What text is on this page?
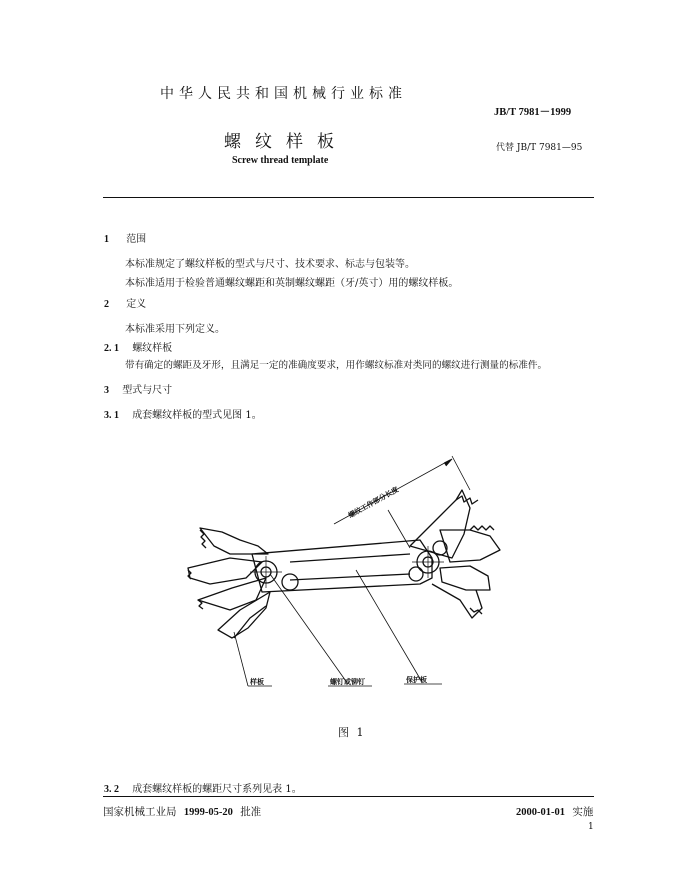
中华人民共和国机械行业标准
JB/T 7981－1999
螺纹样板	代替 JB/T 7981—95
Screw thread template
1 范围
本标准规定了螺纹样板的型式与尺寸、技术要求、标志与包装等。
本标准适用于检验普通螺纹螺距和英制螺纹螺距（牙/英寸）用的螺纹样板。
2 定义
本标准采用下列定义。
2. 1 螺纹样板
带有确定的螺距及牙形，且满足一定的准确度要求，用作螺纹标准对类同的螺纹进行测量的标准件。
3 型式与尺寸
3. 1 成套螺纹样板的型式见图 1。
螺纹工作部分长度
样板	螺钉或铆钉	保护板
图 1
3. 2 成套螺纹样板的螺距尺寸系列见表 1。
国家机械工业局 1999-05-20 批准	2000-01-01 实施
1
